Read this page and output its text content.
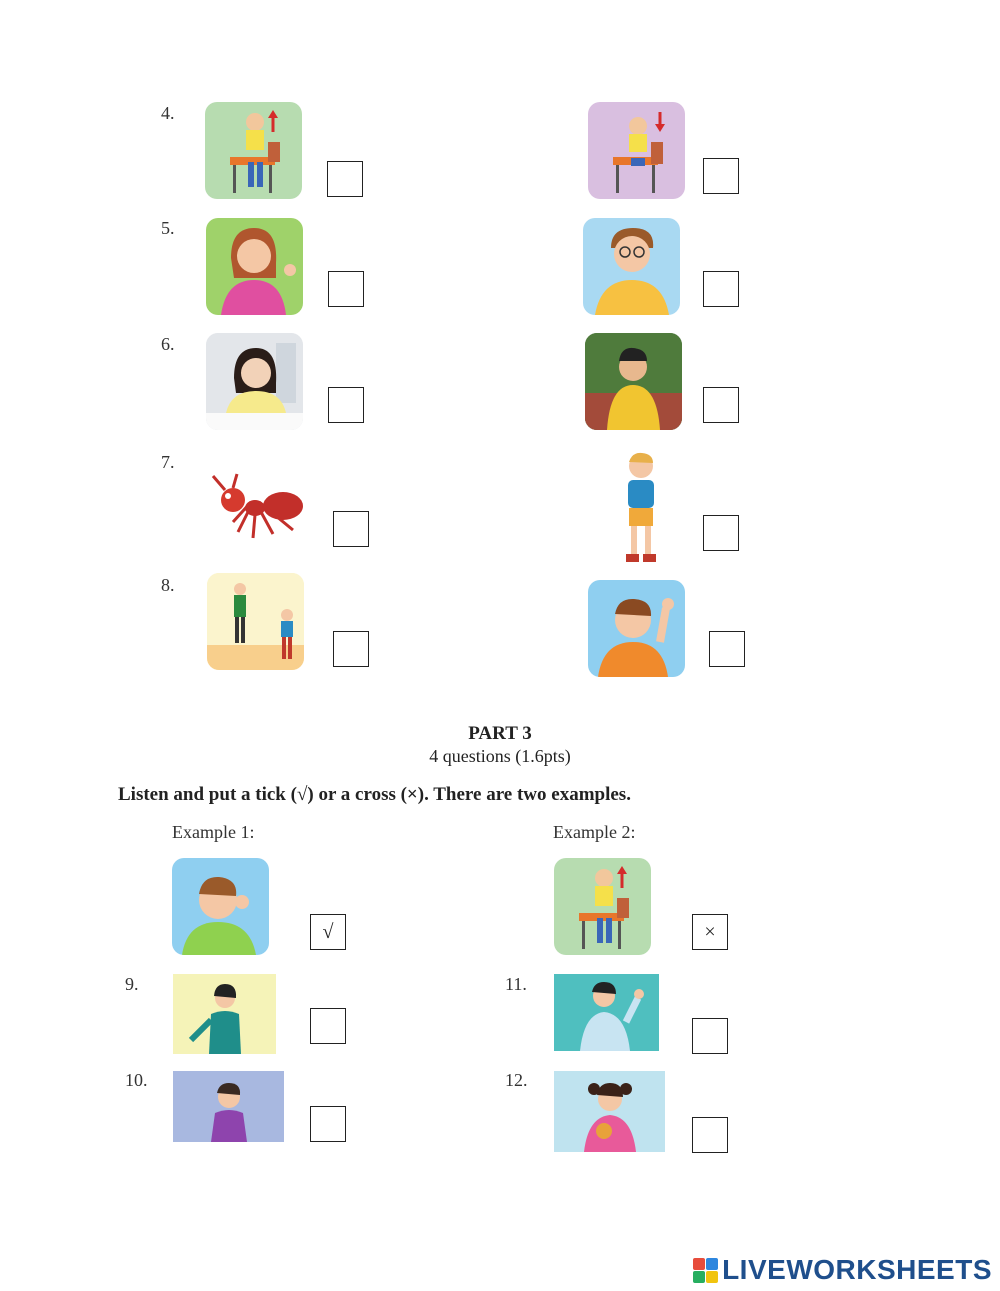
4.
5.
6.
7.
8.
PART 3
4 questions (1.6pts)
Listen and put a tick (√) or a cross (×). There are two examples.
Example 1:
√
Example 2:
×
9.
10.
11.
12.
LIVEWORKSHEETS
